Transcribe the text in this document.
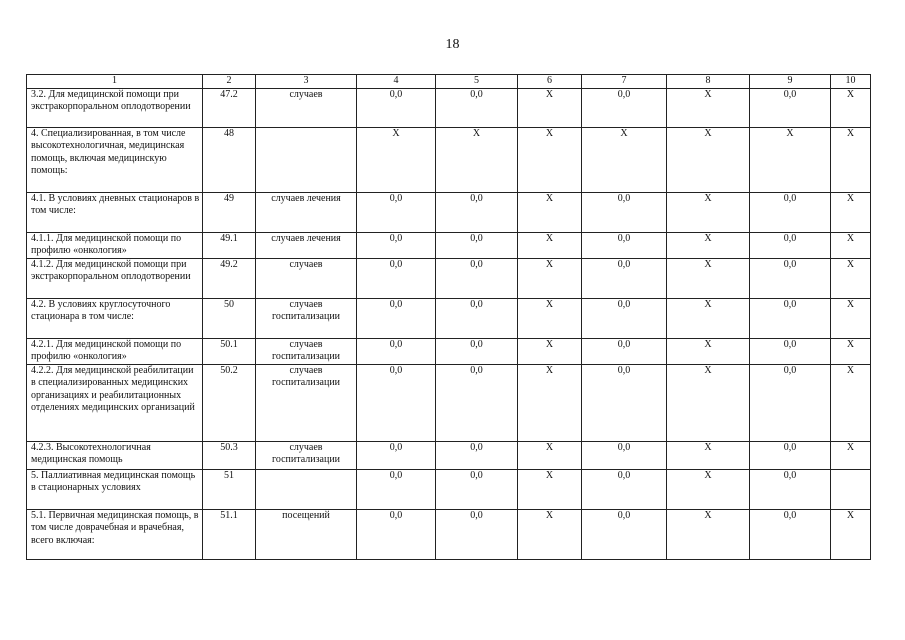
18
1	2	3	4	5	6	7	8	9	10
3.2. Для медицинской помощи при экстракорпоральном оплодотворении	47.2	случаев	0,0	0,0	X	0,0	X	0,0	X
4. Специализированная, в том числе высокотехнологичная, медицинская помощь, включая медицинскую помощь:	48		X	X	X	X	X	X	X
4.1. В условиях дневных стационаров в том числе:	49	случаев лечения	0,0	0,0	X	0,0	X	0,0	X
4.1.1. Для медицинской помощи по профилю «онкология»	49.1	случаев лечения	0,0	0,0	X	0,0	X	0,0	X
4.1.2. Для медицинской помощи при экстракорпоральном оплодотворении	49.2	случаев	0,0	0,0	X	0,0	X	0,0	X
4.2. В условиях круглосуточного стационара в том числе:	50	случаев госпитализации	0,0	0,0	X	0,0	X	0,0	X
4.2.1. Для медицинской помощи по профилю «онкология»	50.1	случаев госпитализации	0,0	0,0	X	0,0	X	0,0	X
4.2.2. Для медицинской реабилитации в специализированных медицинских организациях и реабилитационных отделениях медицинских организаций	50.2	случаев госпитализации	0,0	0,0	X	0,0	X	0,0	X
4.2.3. Высокотехнологичная медицинская помощь	50.3	случаев госпитализации	0,0	0,0	X	0,0	X	0,0	X
5. Паллиативная медицинская помощь в стационарных условиях	51		0,0	0,0	X	0,0	X	0,0	
5.1. Первичная медицинская помощь, в том числе доврачебная и врачебная, всего включая:	51.1	посещений	0,0	0,0	X	0,0	X	0,0	X
